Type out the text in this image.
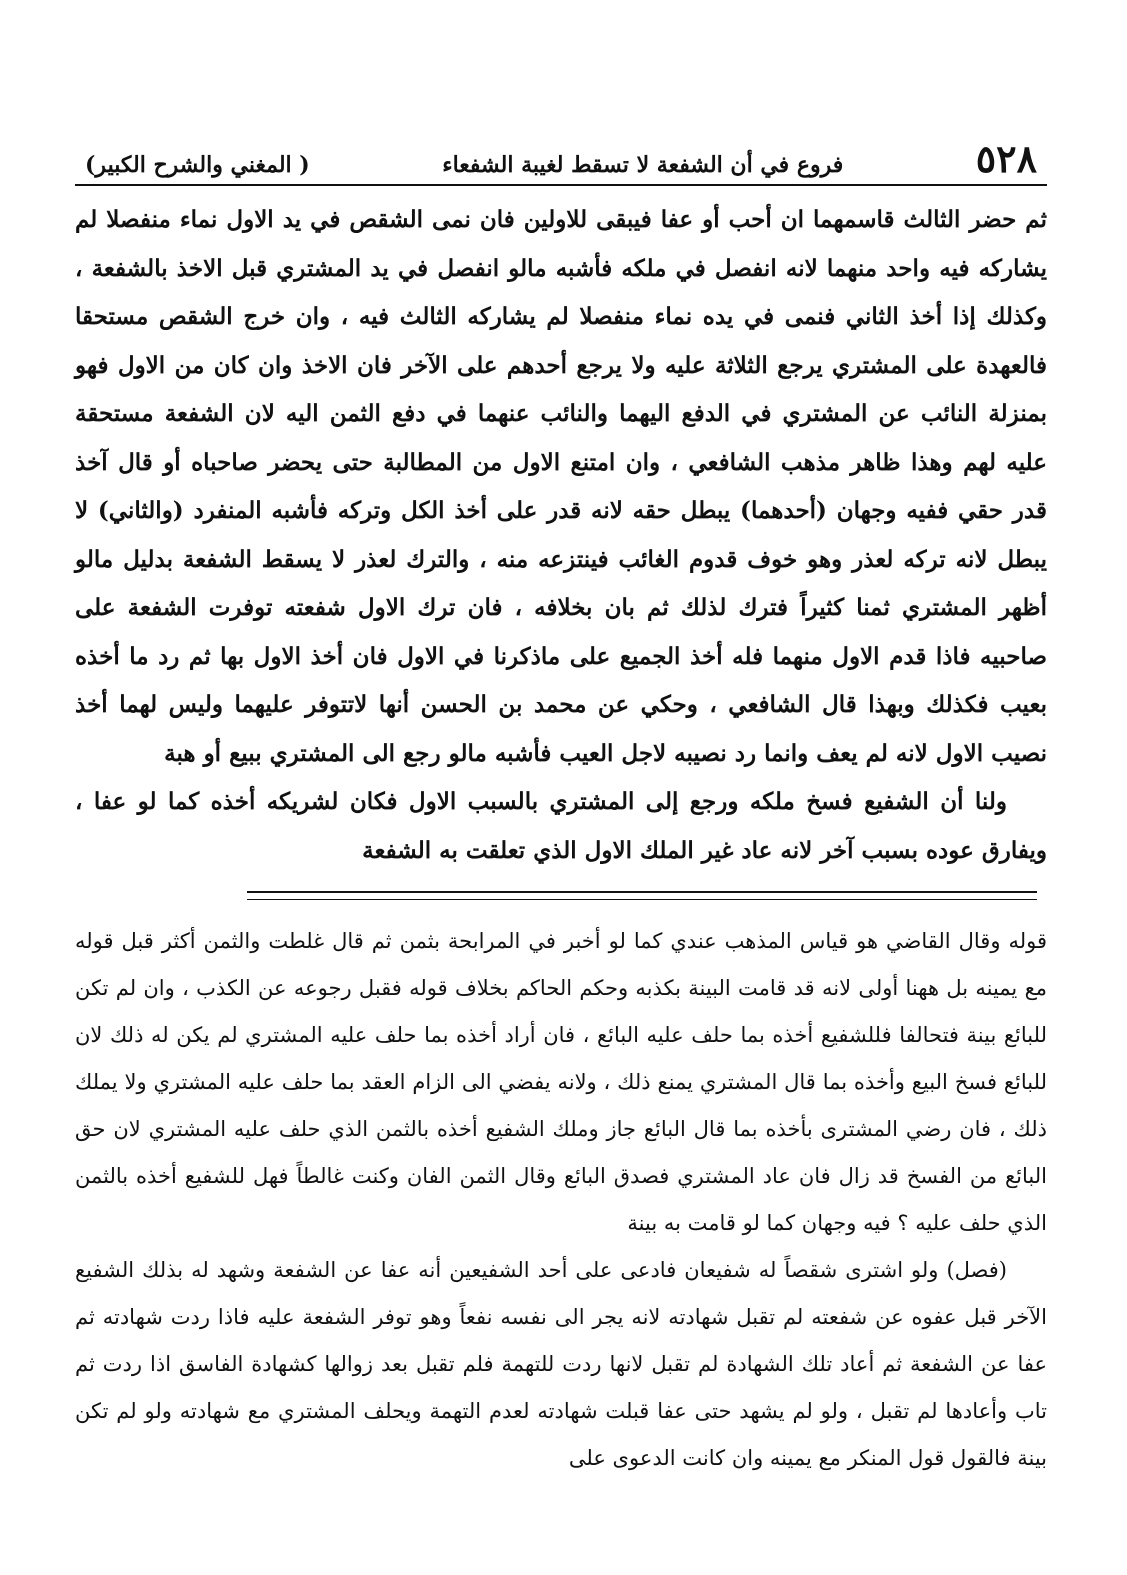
٥٢٨
فروع في أن الشفعة لا تسقط لغيبة الشفعاء
( المغني والشرح الكبير)

ثم حضر الثالث قاسمهما ان أحب أو عفا فيبقى للاولين فان نمى الشقص في يد الاول نماء منفصلا لم يشاركه فيه واحد منهما لانه انفصل في ملكه فأشبه مالو انفصل في يد المشتري قبل الاخذ بالشفعة ، وكذلك إذا أخذ الثاني فنمى في يده نماء منفصلا لم يشاركه الثالث فيه ، وان خرج الشقص مستحقا فالعهدة على المشتري يرجع الثلاثة عليه ولا يرجع أحدهم على الآخر فان الاخذ وان كان من الاول فهو بمنزلة النائب عن المشتري في الدفع اليهما والنائب عنهما في دفع الثمن اليه لان الشفعة مستحقة عليه لهم وهذا ظاهر مذهب الشافعي ، وان امتنع الاول من المطالبة حتى يحضر صاحباه أو قال آخذ قدر حقي ففيه وجهان (أحدهما) يبطل حقه لانه قدر على أخذ الكل وتركه فأشبه المنفرد (والثاني) لا يبطل لانه تركه لعذر وهو خوف قدوم الغائب فينتزعه منه ، والترك لعذر لا يسقط الشفعة بدليل مالو أظهر المشتري ثمنا كثيراً فترك لذلك ثم بان بخلافه ، فان ترك الاول شفعته توفرت الشفعة على صاحبيه فاذا قدم الاول منهما فله أخذ الجميع على ماذكرنا في الاول فان أخذ الاول بها ثم رد ما أخذه بعيب فكذلك وبهذا قال الشافعي ، وحكي عن محمد بن الحسن أنها لاتتوفر عليهما وليس لهما أخذ نصيب الاول لانه لم يعف وانما رد نصيبه لاجل العيب فأشبه مالو رجع الى المشتري ببيع أو هبة

ولنا أن الشفيع فسخ ملكه ورجع إلى المشتري بالسبب الاول فكان لشريكه أخذه كما لو عفا ، ويفارق عوده بسبب آخر لانه عاد غير الملك الاول الذي تعلقت به الشفعة

قوله وقال القاضي هو قياس المذهب عندي كما لو أخبر في المرابحة بثمن ثم قال غلطت والثمن أكثر قبل قوله مع يمينه بل ههنا أولى لانه قد قامت البينة بكذبه وحكم الحاكم بخلاف قوله فقبل رجوعه عن الكذب ، وان لم تكن للبائع بينة فتحالفا فللشفيع أخذه بما حلف عليه البائع ، فان أراد أخذه بما حلف عليه المشتري لم يكن له ذلك لان للبائع فسخ البيع وأخذه بما قال المشتري يمنع ذلك ، ولانه يفضي الى الزام العقد بما حلف عليه المشتري ولا يملك ذلك ، فان رضي المشترى بأخذه بما قال البائع جاز وملك الشفيع أخذه بالثمن الذي حلف عليه المشتري لان حق البائع من الفسخ قد زال فان عاد المشتري فصدق البائع وقال الثمن الفان وكنت غالطاً فهل للشفيع أخذه بالثمن الذي حلف عليه ؟ فيه وجهان كما لو قامت به بينة

(فصل) ولو اشترى شقصاً له شفيعان فادعى على أحد الشفيعين أنه عفا عن الشفعة وشهد له بذلك الشفيع الآخر قبل عفوه عن شفعته لم تقبل شهادته لانه يجر الى نفسه نفعاً وهو توفر الشفعة عليه فاذا ردت شهادته ثم عفا عن الشفعة ثم أعاد تلك الشهادة لم تقبل لانها ردت للتهمة فلم تقبل بعد زوالها كشهادة الفاسق اذا ردت ثم تاب وأعادها لم تقبل ، ولو لم يشهد حتى عفا قبلت شهادته لعدم التهمة ويحلف المشتري مع شهادته ولو لم تكن بينة فالقول قول المنكر مع يمينه وان كانت الدعوى على
